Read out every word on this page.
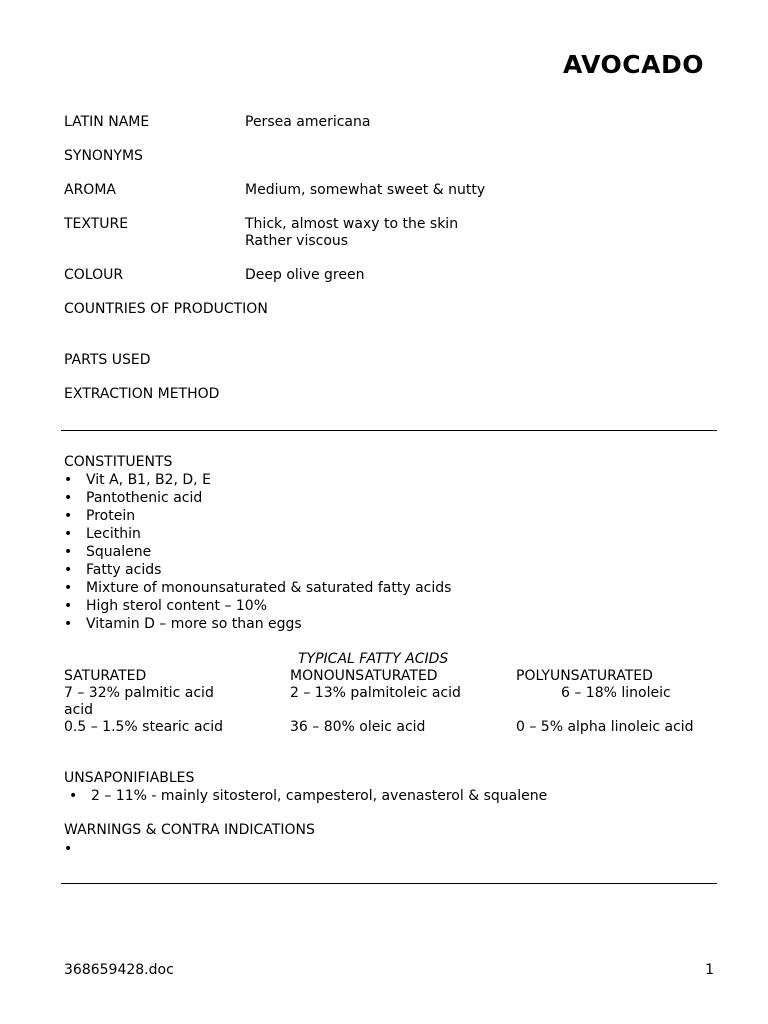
AVOCADO
LATIN NAME	Persea americana
SYNONYMS
AROMA	Medium, somewhat sweet & nutty
TEXTURE	Thick, almost waxy to the skin
Rather viscous
COLOUR	Deep olive green
COUNTRIES OF PRODUCTION
PARTS USED
EXTRACTION METHOD
CONSTITUENTS
• Vit A, B1, B2, D, E
• Pantothenic acid
• Protein
• Lecithin
• Squalene
• Fatty acids
• Mixture of monounsaturated & saturated fatty acids
• High sterol content – 10%
• Vitamin D – more so than eggs
TYPICAL FATTY ACIDS
SATURATED	MONOUNSATURATED	POLYUNSATURATED
7 – 32% palmitic acid	2 – 13% palmitoleic acid	6 – 18% linoleic
acid
0.5 – 1.5% stearic acid	36 – 80% oleic acid	0 – 5% alpha linoleic acid
UNSAPONIFIABLES
• 2 – 11% - mainly sitosterol, campesterol, avenasterol & squalene
WARNINGS & CONTRA INDICATIONS
•
368659428.doc	1
